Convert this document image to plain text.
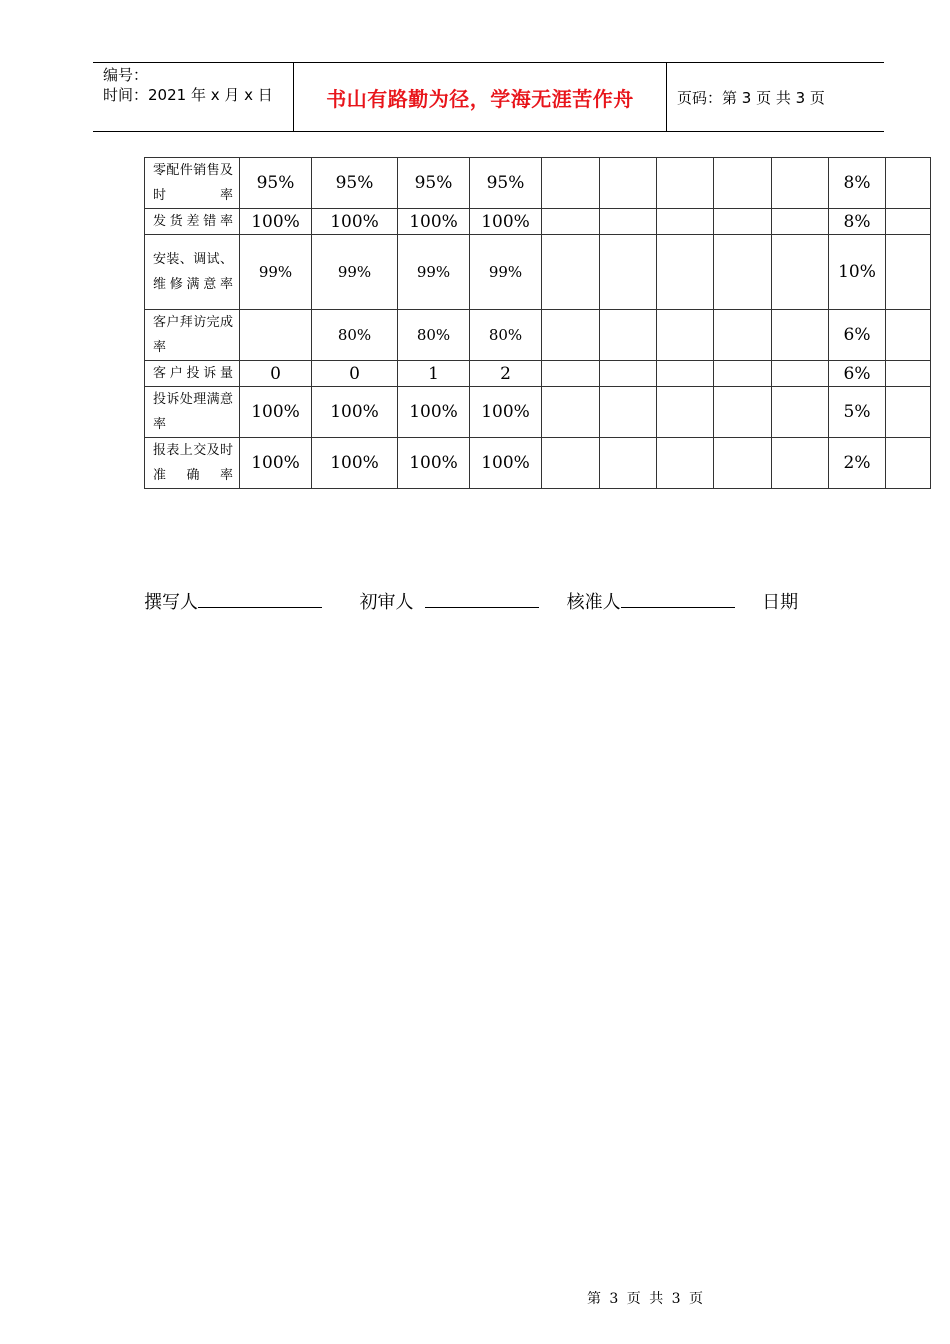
编号：
时间：2021 年 x 月 x 日	书山有路勤为径，学海无涯苦作舟	页码：第 3 页 共 3 页
零配件销售及时率	95%	95%	95%	95%						8%	
发货差错率	100%	100%	100%	100%						8%	
安装、调试、维修满意率	99%	99%	99%	99%						10%	
客户拜访完成率		80%	80%	80%						6%	
客户投诉量	0	0	1	2						6%	
投诉处理满意率	100%	100%	100%	100%						5%	
报表上交及时准确率	100%	100%	100%	100%						2%	
撰写人	初审人	核准人	日期
第 3 页 共 3 页
